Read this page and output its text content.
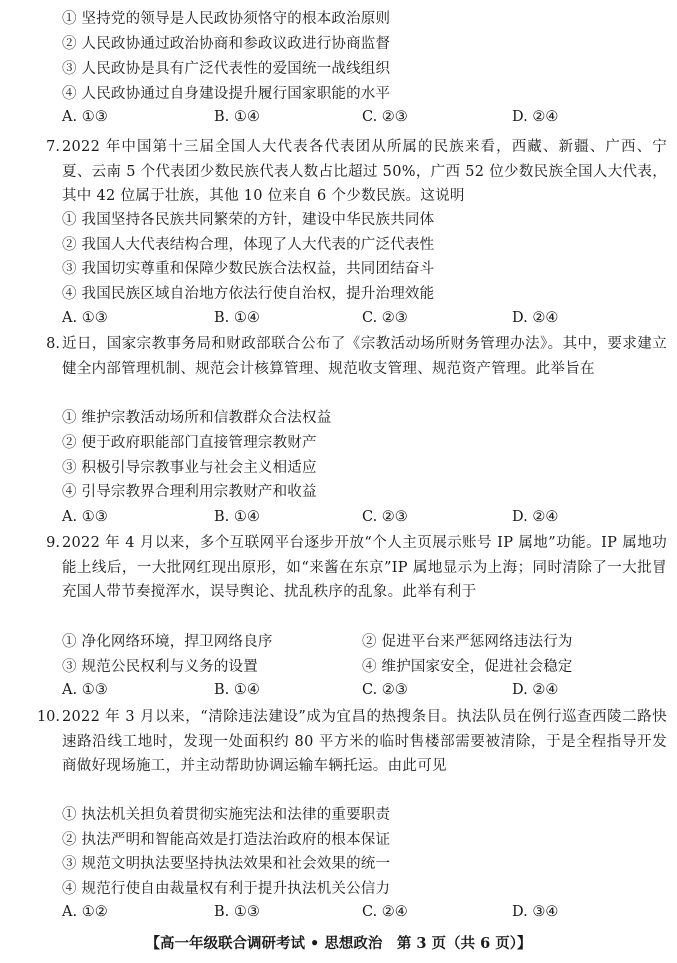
① 坚持党的领导是人民政协须恪守的根本政治原则
② 人民政协通过政治协商和参政议政进行协商监督
③ 人民政协是具有广泛代表性的爱国统一战线组织
④ 人民政协通过自身建设提升履行国家职能的水平
A. ①③	B. ①④	C. ②③	D. ②④
7. 2022 年中国第十三届全国人大代表各代表团从所属的民族来看，西藏、新疆、广西、宁夏、云南 5 个代表团少数民族代表人数占比超过 50%，广西 52 位少数民族全国人大代表，其中 42 位属于壮族，其他 10 位来自 6 个少数民族。这说明
① 我国坚持各民族共同繁荣的方针，建设中华民族共同体
② 我国人大代表结构合理，体现了人大代表的广泛代表性
③ 我国切实尊重和保障少数民族合法权益，共同团结奋斗
④ 我国民族区域自治地方依法行使自治权，提升治理效能
A. ①③	B. ①④	C. ②③	D. ②④
8. 近日，国家宗教事务局和财政部联合公布了《宗教活动场所财务管理办法》。其中，要求建立健全内部管理机制、规范会计核算管理、规范收支管理、规范资产管理。此举旨在
① 维护宗教活动场所和信教群众合法权益
② 便于政府职能部门直接管理宗教财产
③ 积极引导宗教事业与社会主义相适应
④ 引导宗教界合理利用宗教财产和收益
A. ①③	B. ①④	C. ②③	D. ②④
9. 2022 年 4 月以来，多个互联网平台逐步开放“个人主页展示账号 IP 属地”功能。IP 属地功能上线后，一大批网红现出原形，如“来酱在东京”IP 属地显示为上海；同时清除了一大批冒充国人带节奏搅浑水，误导舆论、扰乱秩序的乱象。此举有利于
① 净化网络环境，捍卫网络良序	② 促进平台来严惩网络违法行为
③ 规范公民权利与义务的设置	④ 维护国家安全，促进社会稳定
A. ①③	B. ①④	C. ②③	D. ②④
10. 2022 年 3 月以来，“清除违法建设”成为宜昌的热搜条目。执法队员在例行巡查西陵二路快速路沿线工地时，发现一处面积约 80 平方米的临时售楼部需要被清除，于是全程指导开发商做好现场施工，并主动帮助协调运输车辆托运。由此可见
① 执法机关担负着贯彻实施宪法和法律的重要职责
② 执法严明和智能高效是打造法治政府的根本保证
③ 规范文明执法要坚持执法效果和社会效果的统一
④ 规范行使自由裁量权有利于提升执法机关公信力
A. ①②	B. ①③	C. ②④	D. ③④
【高一年级联合调研考试 • 思想政治　第 3 页（共 6 页）】
